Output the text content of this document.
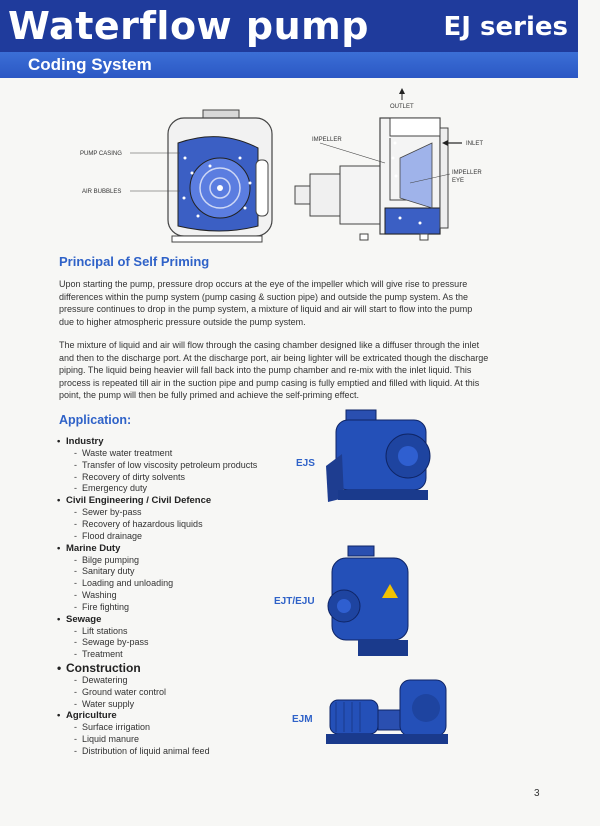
Waterflow pump	EJ series
Coding System
PUMP CASING
AIR BUBBLES
OUTLET
IMPELLER
INLET
IMPELLER
EYE
Principal of Self Priming

Upon starting the pump, pressure drop occurs at the eye of the impeller which will give rise to pressure differences within the pump system (pump casing & suction pipe) and outside the pump system. As the pressure continues to drop in the pump system, a mixture of liquid and air will start to flow into the pump due to higher atmospheric pressure outside the pump system.

The mixture of liquid and air will flow through the casing chamber designed like a diffuser through the inlet and then to the discharge port. At the discharge port, air being lighter will be extricated though the discharge piping. The liquid being heavier will fall back into the pump chamber and re-mix with the inlet liquid. This process is repeated till air in the suction pipe and pump casing is fully emptied and filled with liquid. At this point, the pump will then be fully primed and achieve the self-priming effect.

Application:

• Industry

- Waste water treatment

- Transfer of low viscosity petroleum products

- Recovery of dirty solvents

- Emergency duty

• Civil Engineering / Civil Defence

- Sewer by-pass

- Recovery of hazardous liquids

- Flood drainage

• Marine Duty

- Bilge pumping

- Sanitary duty

- Loading and unloading

- Washing

- Fire fighting

• Sewage

- Lift stations

- Sewage by-pass

- Treatment

• Construction

- Dewatering

- Ground water control

- Water supply

• Agriculture

- Surface irrigation

- Liquid manure

- Distribution of liquid animal feed

EJS
EJT/EJU
EJM
3
